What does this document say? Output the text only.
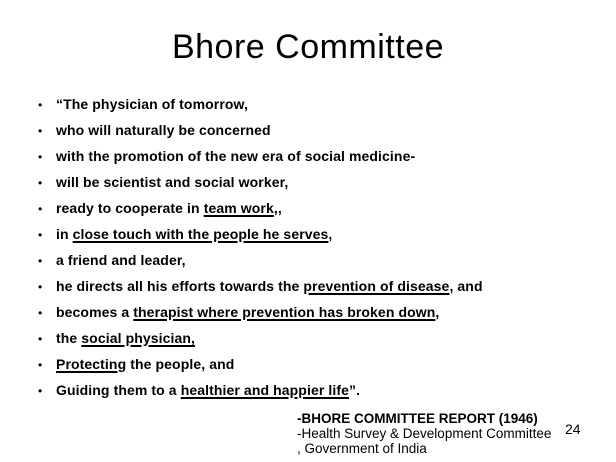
Bhore Committee
• “The physician of tomorrow,
• who will naturally be concerned
• with the promotion of the new era of social medicine-
• will be scientist and social worker,
• ready to cooperate in team work,,
• in close touch with the people he serves,
• a friend and leader,
• he directs all his efforts towards the prevention of disease, and
• becomes a therapist where prevention has broken down,
• the social physician,
• Protecting the people, and
• Guiding them to a healthier and happier life”.
-BHORE COMMITTEE REPORT (1946)
-Health Survey & Development Committee
, Government of India
24
